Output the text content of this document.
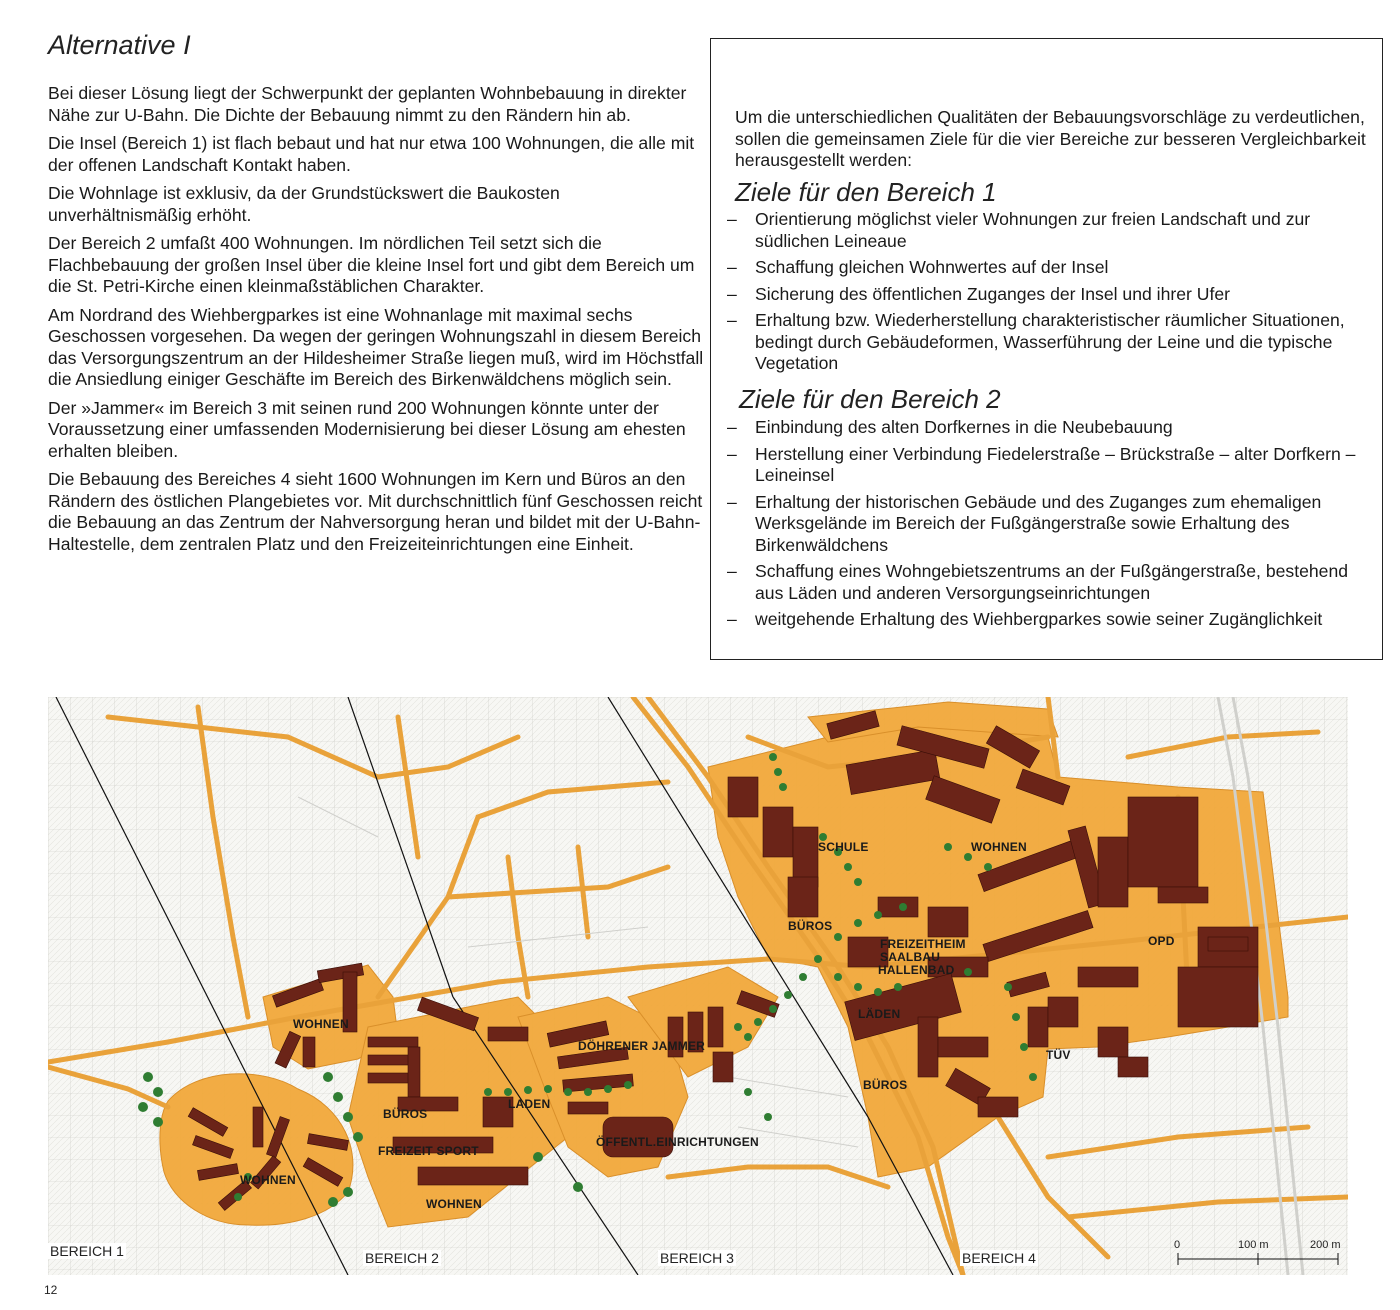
Alternative I

Bei dieser Lösung liegt der Schwerpunkt der geplanten Wohnbebauung in direkter Nähe zur U-Bahn. Die Dichte der Bebauung nimmt zu den Rändern hin ab.

Die Insel (Bereich 1) ist flach bebaut und hat nur etwa 100 Wohnungen, die alle mit der offenen Landschaft Kontakt haben.

Die Wohnlage ist exklusiv, da der Grundstückswert die Baukosten unverhältnismäßig erhöht.

Der Bereich 2 umfaßt 400 Wohnungen. Im nördlichen Teil setzt sich die Flachbebauung der großen Insel über die kleine Insel fort und gibt dem Bereich um die St. Petri-Kirche einen kleinmaßstäblichen Charakter.

Am Nordrand des Wiehbergparkes ist eine Wohnanlage mit maximal sechs Geschossen vorgesehen. Da wegen der geringen Wohnungszahl in diesem Bereich das Versorgungszentrum an der Hildesheimer Straße liegen muß, wird im Höchstfall die Ansiedlung einiger Geschäfte im Bereich des Birkenwäldchens möglich sein.

Der »Jammer« im Bereich 3 mit seinen rund 200 Wohnungen könnte unter der Voraussetzung einer umfassenden Modernisierung bei dieser Lösung am ehesten erhalten bleiben.

Die Bebauung des Bereiches 4 sieht 1600 Wohnungen im Kern und Büros an den Rändern des östlichen Plangebietes vor. Mit durchschnittlich fünf Geschossen reicht die Bebauung an das Zentrum der Nahversorgung heran und bildet mit der U-Bahn-Haltestelle, dem zentralen Platz und den Freizeiteinrichtungen eine Einheit.

Um die unterschiedlichen Qualitäten der Bebauungsvorschläge zu verdeutlichen, sollen die gemeinsamen Ziele für die vier Bereiche zur besseren Vergleichbarkeit herausgestellt werden:
Ziele für den Bereich 1
– Orientierung möglichst vieler Wohnungen zur freien Landschaft und zur südlichen Leineaue
– Schaffung gleichen Wohnwertes auf der Insel
– Sicherung des öffentlichen Zuganges der Insel und ihrer Ufer
– Erhaltung bzw. Wiederherstellung charakteristischer räumlicher Situationen, bedingt durch Gebäudeformen, Wasserführung der Leine und die typische Vegetation
Ziele für den Bereich 2
– Einbindung des alten Dorfkernes in die Neubebauung
– Herstellung einer Verbindung Fiedelerstraße – Brückstraße – alter Dorfkern – Leineinsel
– Erhaltung der historischen Gebäude und des Zuganges zum ehemaligen Werksgelände im Bereich der Fußgängerstraße sowie Erhaltung des Birkenwäldchens
– Schaffung eines Wohngebietszentrums an der Fußgängerstraße, bestehend aus Läden und anderen Versorgungseinrichtungen
– weitgehende Erhaltung des Wiehbergparkes sowie seiner Zugänglichkeit
WOHNEN
WOHNEN
WOHNEN
WOHNEN
BÜROS
FREIZEIT SPORT
LADEN
DÖHRENER JAMMER
ÖFFENTL.EINRICHTUNGEN
SCHULE
BÜROS
FREIZEITHEIM
SAALBAU
HALLENBAD
LÄDEN
BÜROS
TÜV
OPD
BEREICH 1	BEREICH 2	BEREICH 3	BEREICH 4
0	100 m	200 m
12
